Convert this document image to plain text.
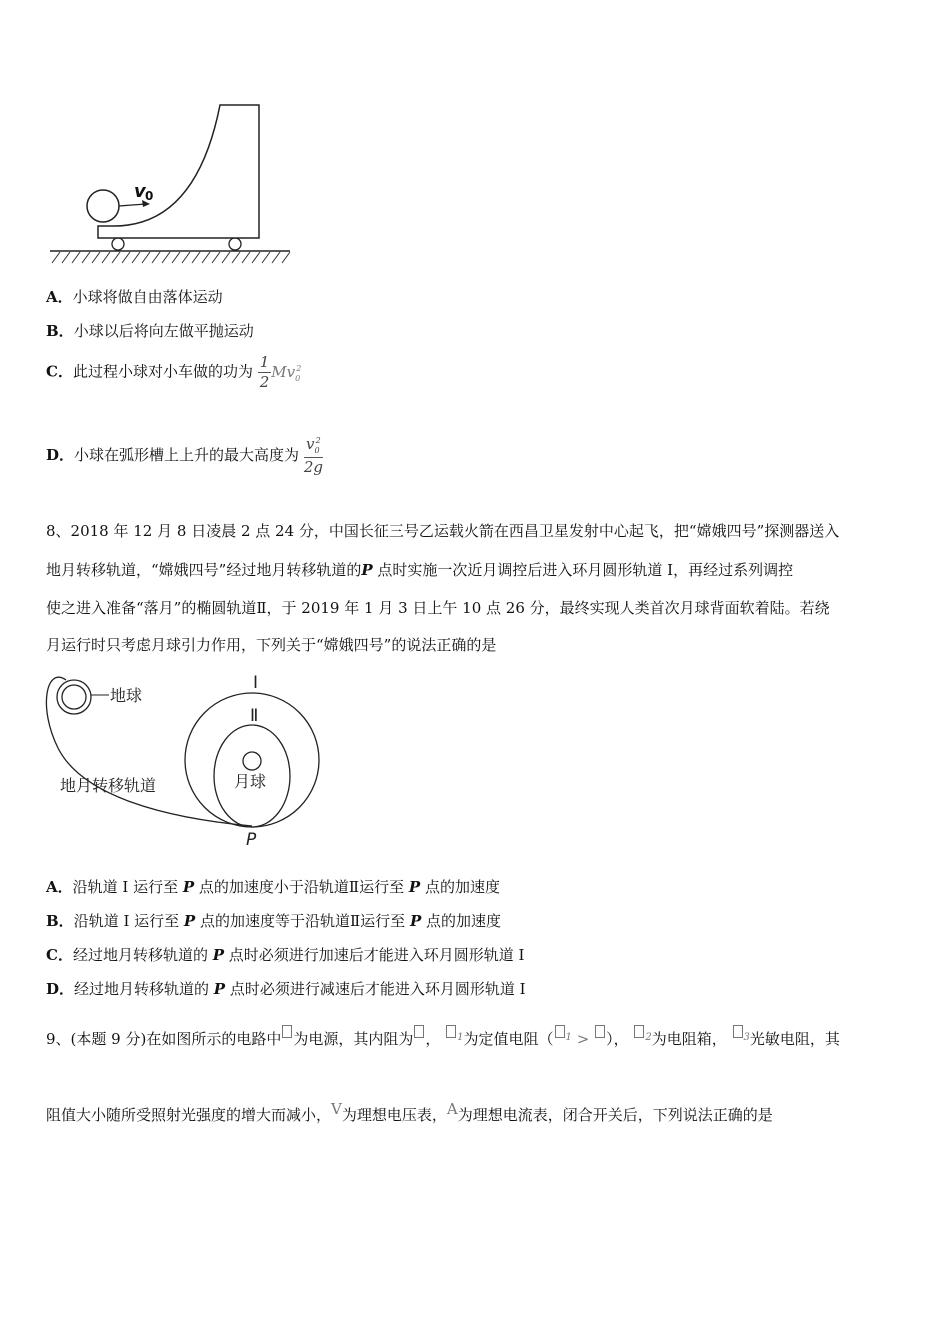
v 0
A．小球将做自由落体运动
B．小球以后将向左做平抛运动
C．此过程小球对小车做的功为 $\frac{1}{2} Mv_0^2$
D．小球在弧形槽上上升的最大高度为 $\frac{v_0^2}{2g}$
8、2018 年 12 月 8 日凌晨 2 点 24 分，中国长征三号乙运载火箭在西昌卫星发射中心起飞，把“嫦娥四号”探测器送入
地月转移轨道，“嫦娥四号”经过地月转移轨道的P 点时实施一次近月调控后进入环月圆形轨道 I，再经过系列调控
使之进入准备“落月”的椭圆轨道Ⅱ，于 2019 年 1 月 3 日上午 10 点 26 分，最终实现人类首次月球背面软着陆。若绕
月运行时只考虑月球引力作用，下列关于“嫦娥四号”的说法正确的是
地球
地月转移轨道
I
Ⅱ
月球
P
A．沿轨道 I 运行至 P 点的加速度小于沿轨道Ⅱ运行至 P 点的加速度
B．沿轨道 I 运行至 P 点的加速度等于沿轨道Ⅱ运行至 P 点的加速度
C．经过地月转移轨道的 P 点时必须进行加速后才能进入环月圆形轨道 I
D．经过地月转移轨道的 P 点时必须进行减速后才能进入环月圆形轨道 I
9、(本题 9 分)在如图所示的电路中 为电源，其内阻为 ， $^1$为定值电阻（ $^1$ > ）， $^2$为电阻箱， $^3$光敏电阻，其
阻值大小随所受照射光强度的增大而减小，V为理想电压表，A为理想电流表，闭合开关后，下列说法正确的是
